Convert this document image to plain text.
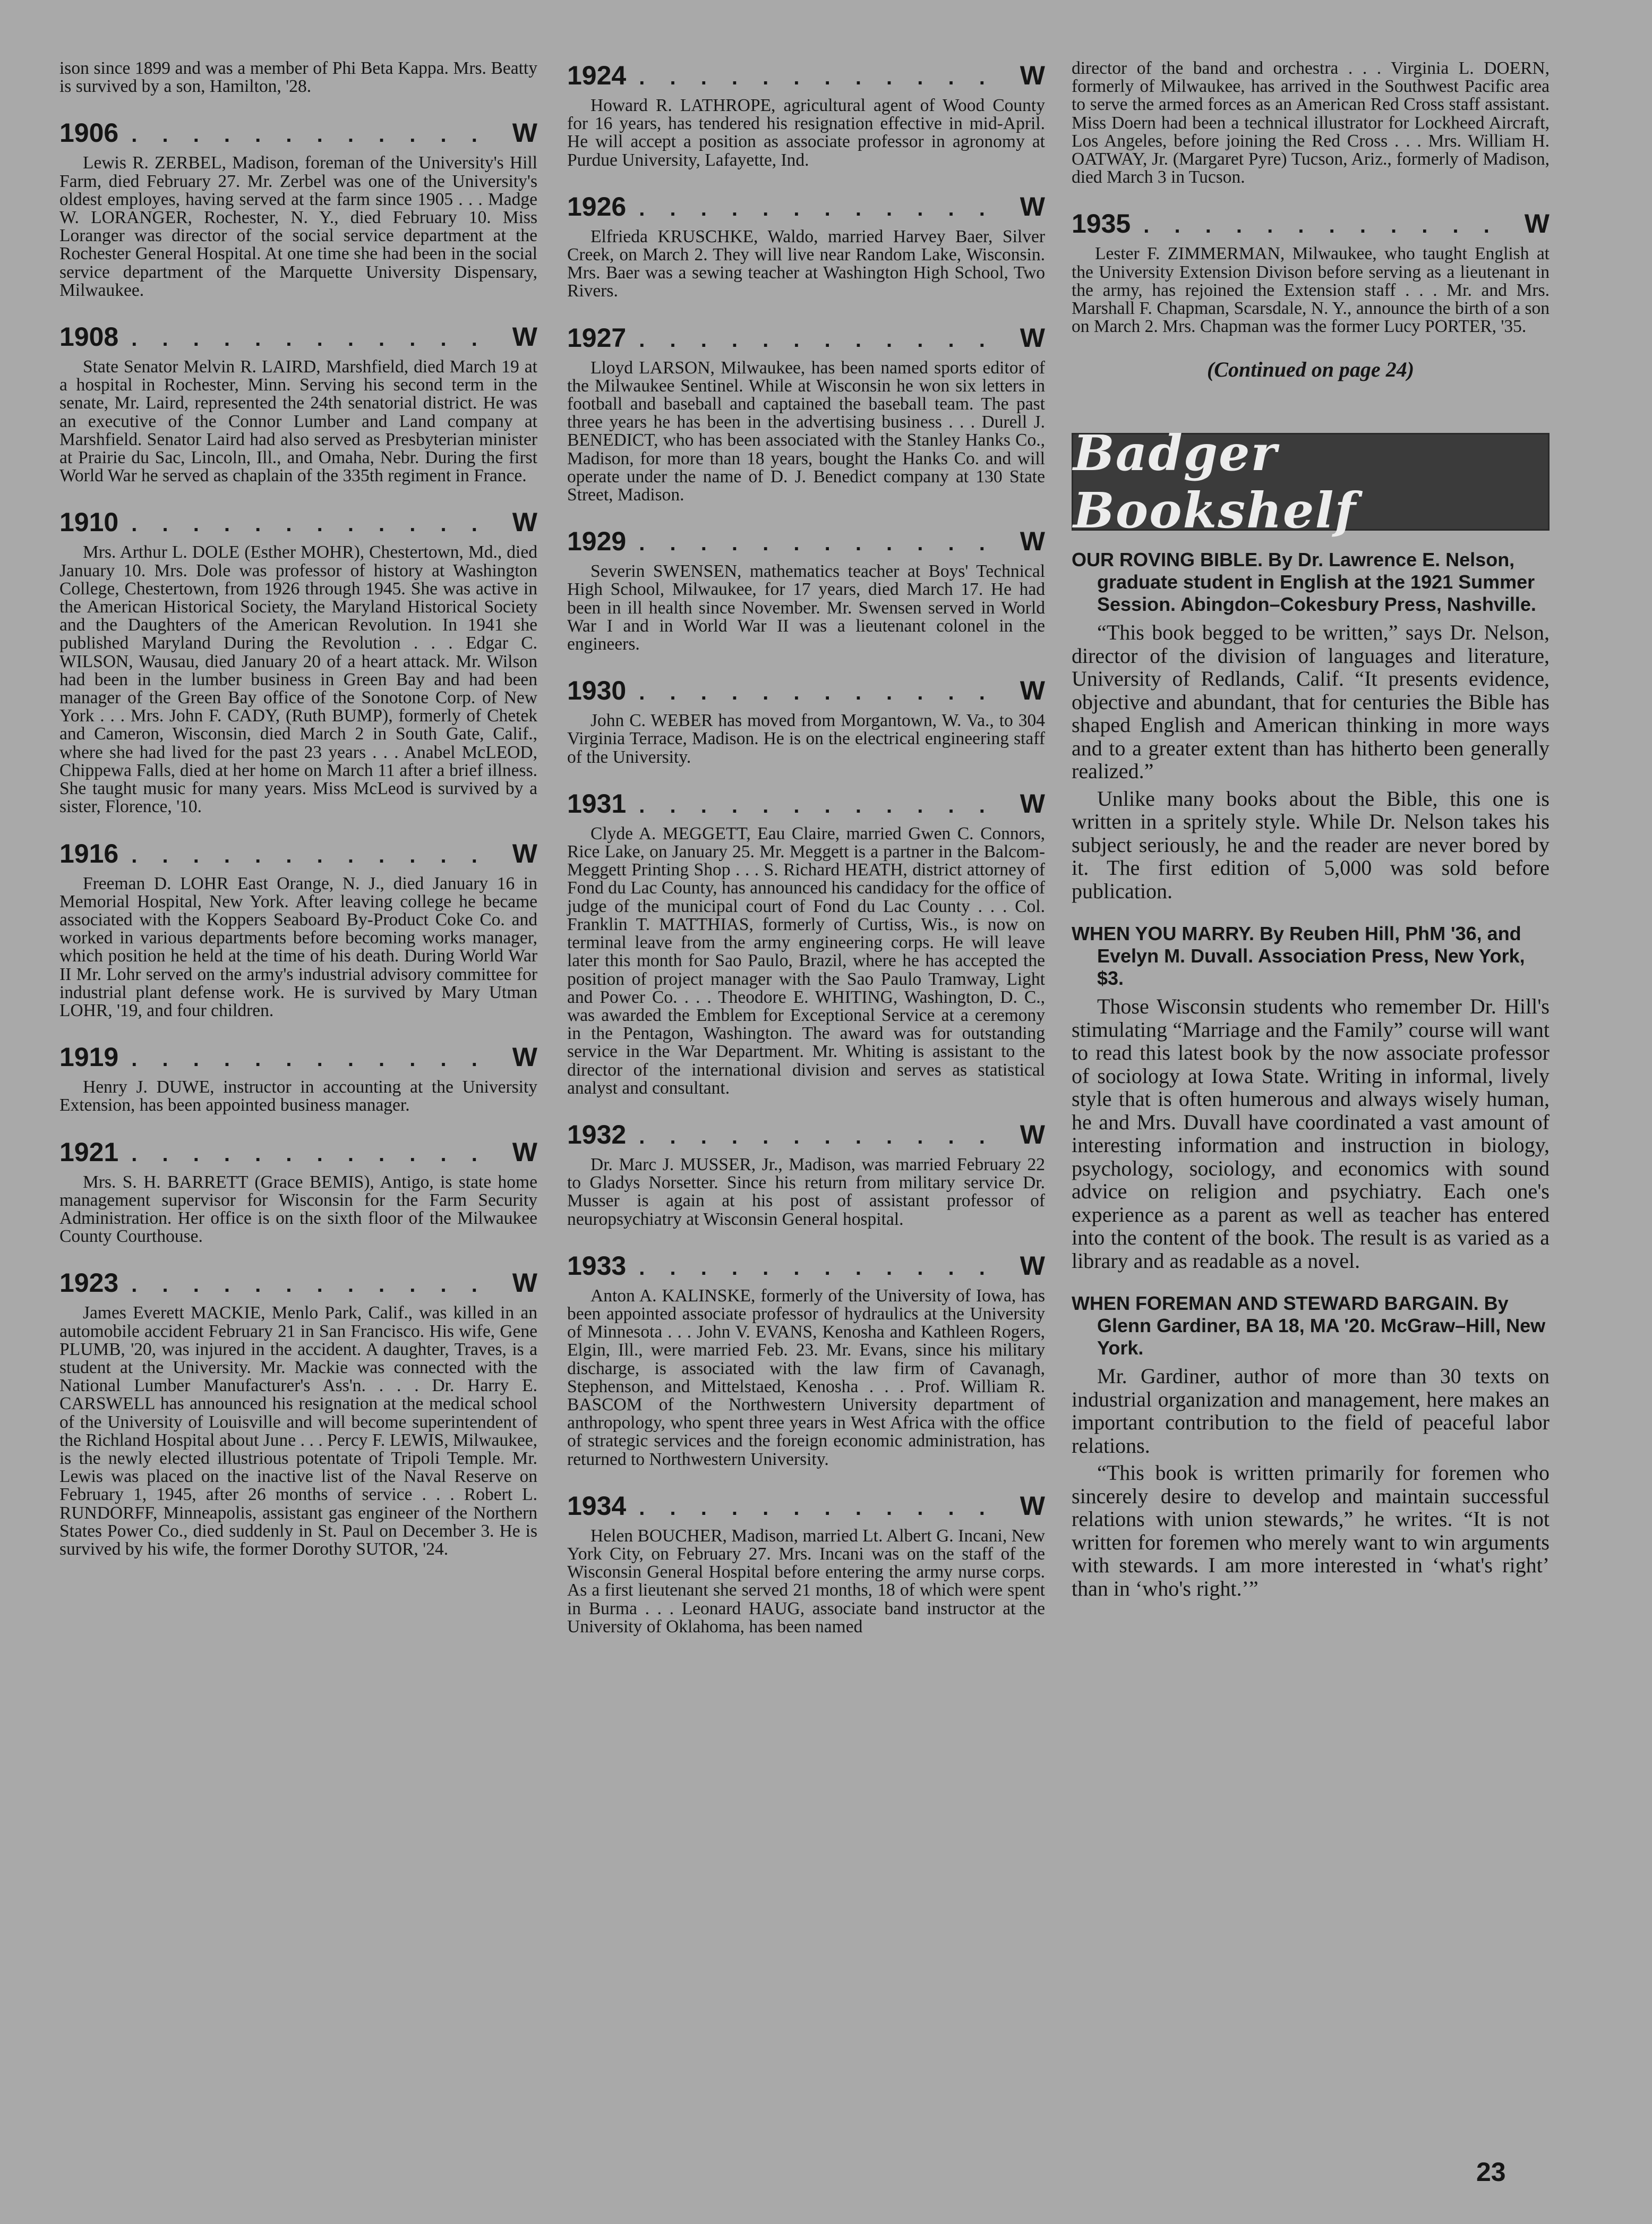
ison since 1899 and was a member of Phi Beta Kappa. Mrs. Beatty is survived by a son, Hamilton, '28.
1906 . . . . . . . . . . . . W
Lewis R. ZERBEL, Madison, foreman of the University's Hill Farm, died February 27. Mr. Zerbel was one of the University's oldest employes, having served at the farm since 1905 . . . Madge W. LORANGER, Rochester, N. Y., died February 10. Miss Loranger was director of the social service department at the Rochester General Hospital. At one time she had been in the social service department of the Marquette University Dispensary, Milwaukee.
1908 . . . . . . . . . . . . W
State Senator Melvin R. LAIRD, Marshfield, died March 19 at a hospital in Rochester, Minn. Serving his second term in the senate, Mr. Laird, represented the 24th senatorial district. He was an executive of the Connor Lumber and Land company at Marshfield. Senator Laird had also served as Presbyterian minister at Prairie du Sac, Lincoln, Ill., and Omaha, Nebr. During the first World War he served as chaplain of the 335th regiment in France.
1910 . . . . . . . . . . . . W
Mrs. Arthur L. DOLE (Esther MOHR), Chestertown, Md., died January 10. Mrs. Dole was professor of history at Washington College, Chestertown, from 1926 through 1945. She was active in the American Historical Society, the Maryland Historical Society and the Daughters of the American Revolution. In 1941 she published Maryland During the Revolution . . . Edgar C. WILSON, Wausau, died January 20 of a heart attack. Mr. Wilson had been in the lumber business in Green Bay and had been manager of the Green Bay office of the Sonotone Corp. of New York . . . Mrs. John F. CADY, (Ruth BUMP), formerly of Chetek and Cameron, Wisconsin, died March 2 in South Gate, Calif., where she had lived for the past 23 years . . . Anabel McLEOD, Chippewa Falls, died at her home on March 11 after a brief illness. She taught music for many years. Miss McLeod is survived by a sister, Florence, '10.
1916 . . . . . . . . . . . . W
Freeman D. LOHR East Orange, N. J., died January 16 in Memorial Hospital, New York. After leaving college he became associated with the Koppers Seaboard By-Product Coke Co. and worked in various departments before becoming works manager, which position he held at the time of his death. During World War II Mr. Lohr served on the army's industrial advisory committee for industrial plant defense work. He is survived by Mary Utman LOHR, '19, and four children.
1919 . . . . . . . . . . . . W
Henry J. DUWE, instructor in accounting at the University Extension, has been appointed business manager.
1921 . . . . . . . . . . . . W
Mrs. S. H. BARRETT (Grace BEMIS), Antigo, is state home management supervisor for Wisconsin for the Farm Security Administration. Her office is on the sixth floor of the Milwaukee County Courthouse.
1923 . . . . . . . . . . . . W
James Everett MACKIE, Menlo Park, Calif., was killed in an automobile accident February 21 in San Francisco. His wife, Gene PLUMB, '20, was injured in the accident. A daughter, Traves, is a student at the University. Mr. Mackie was connected with the National Lumber Manufacturer's Ass'n. . . . Dr. Harry E. CARSWELL has announced his resignation at the medical school of the University of Louisville and will become superintendent of the Richland Hospital about June . . . Percy F. LEWIS, Milwaukee, is the newly elected illustrious potentate of Tripoli Temple. Mr. Lewis was placed on the inactive list of the Naval Reserve on February 1, 1945, after 26 months of service . . . Robert L. RUNDORFF, Minneapolis, assistant gas engineer of the Northern States Power Co., died suddenly in St. Paul on December 3. He is survived by his wife, the former Dorothy SUTOR, '24.
1924 . . . . . . . . . . . . W
Howard R. LATHROPE, agricultural agent of Wood County for 16 years, has tendered his resignation effective in mid-April. He will accept a position as associate professor in agronomy at Purdue University, Lafayette, Ind.
1926 . . . . . . . . . . . . W
Elfrieda KRUSCHKE, Waldo, married Harvey Baer, Silver Creek, on March 2. They will live near Random Lake, Wisconsin. Mrs. Baer was a sewing teacher at Washington High School, Two Rivers.
1927 . . . . . . . . . . . . W
Lloyd LARSON, Milwaukee, has been named sports editor of the Milwaukee Sentinel. While at Wisconsin he won six letters in football and baseball and captained the baseball team. The past three years he has been in the advertising business . . . Durell J. BENEDICT, who has been associated with the Stanley Hanks Co., Madison, for more than 18 years, bought the Hanks Co. and will operate under the name of D. J. Benedict company at 130 State Street, Madison.
1929 . . . . . . . . . . . . W
Severin SWENSEN, mathematics teacher at Boys' Technical High School, Milwaukee, for 17 years, died March 17. He had been in ill health since November. Mr. Swensen served in World War I and in World War II was a lieutenant colonel in the engineers.
1930 . . . . . . . . . . . . W
John C. WEBER has moved from Morgantown, W. Va., to 304 Virginia Terrace, Madison. He is on the electrical engineering staff of the University.
1931 . . . . . . . . . . . . W
Clyde A. MEGGETT, Eau Claire, married Gwen C. Connors, Rice Lake, on January 25. Mr. Meggett is a partner in the Balcom-Meggett Printing Shop . . . S. Richard HEATH, district attorney of Fond du Lac County, has announced his candidacy for the office of judge of the municipal court of Fond du Lac County . . . Col. Franklin T. MATTHIAS, formerly of Curtiss, Wis., is now on terminal leave from the army engineering corps. He will leave later this month for Sao Paulo, Brazil, where he has accepted the position of project manager with the Sao Paulo Tramway, Light and Power Co. . . . Theodore E. WHITING, Washington, D. C., was awarded the Emblem for Exceptional Service at a ceremony in the Pentagon, Washington. The award was for outstanding service in the War Department. Mr. Whiting is assistant to the director of the international division and serves as statistical analyst and consultant.
1932 . . . . . . . . . . . . W
Dr. Marc J. MUSSER, Jr., Madison, was married February 22 to Gladys Norsetter. Since his return from military service Dr. Musser is again at his post of assistant professor of neuropsychiatry at Wisconsin General hospital.
1933 . . . . . . . . . . . . W
Anton A. KALINSKE, formerly of the University of Iowa, has been appointed associate professor of hydraulics at the University of Minnesota . . . John V. EVANS, Kenosha and Kathleen Rogers, Elgin, Ill., were married Feb. 23. Mr. Evans, since his military discharge, is associated with the law firm of Cavanagh, Stephenson, and Mittelstaed, Kenosha . . . Prof. William R. BASCOM of the Northwestern University department of anthropology, who spent three years in West Africa with the office of strategic services and the foreign economic administration, has returned to Northwestern University.
1934 . . . . . . . . . . . . W
Helen BOUCHER, Madison, married Lt. Albert G. Incani, New York City, on February 27. Mrs. Incani was on the staff of the Wisconsin General Hospital before entering the army nurse corps. As a first lieutenant she served 21 months, 18 of which were spent in Burma . . . Leonard HAUG, associate band instructor at the University of Oklahoma, has been named
director of the band and orchestra . . . Virginia L. DOERN, formerly of Milwaukee, has arrived in the Southwest Pacific area to serve the armed forces as an American Red Cross staff assistant. Miss Doern had been a technical illustrator for Lockheed Aircraft, Los Angeles, before joining the Red Cross . . . Mrs. William H. OATWAY, Jr. (Margaret Pyre) Tucson, Ariz., formerly of Madison, died March 3 in Tucson.
1935 . . . . . . . . . . . . W
Lester F. ZIMMERMAN, Milwaukee, who taught English at the University Extension Divison before serving as a lieutenant in the army, has rejoined the Extension staff . . . Mr. and Mrs. Marshall F. Chapman, Scarsdale, N. Y., announce the birth of a son on March 2. Mrs. Chapman was the former Lucy PORTER, '35.
(Continued on page 24)
Badger Bookshelf
OUR ROVING BIBLE. By Dr. Lawrence E. Nelson, graduate student in English at the 1921 Summer Session. Abingdon–Cokesbury Press, Nashville.
“This book begged to be written,” says Dr. Nelson, director of the division of languages and literature, University of Redlands, Calif. “It presents evidence, objective and abundant, that for centuries the Bible has shaped English and American thinking in more ways and to a greater extent than has hitherto been generally realized.”
Unlike many books about the Bible, this one is written in a spritely style. While Dr. Nelson takes his subject seriously, he and the reader are never bored by it. The first edition of 5,000 was sold before publication.
WHEN YOU MARRY. By Reuben Hill, PhM '36, and Evelyn M. Duvall. Association Press, New York, $3.
Those Wisconsin students who remember Dr. Hill's stimulating “Marriage and the Family” course will want to read this latest book by the now associate professor of sociology at Iowa State. Writing in informal, lively style that is often humerous and always wisely human, he and Mrs. Duvall have coordinated a vast amount of interesting information and instruction in biology, psychology, sociology, and economics with sound advice on religion and psychiatry. Each one's experience as a parent as well as teacher has entered into the content of the book. The result is as varied as a library and as readable as a novel.
WHEN FOREMAN AND STEWARD BARGAIN. By Glenn Gardiner, BA 18, MA '20. McGraw–Hill, New York.
Mr. Gardiner, author of more than 30 texts on industrial organization and management, here makes an important contribution to the field of peaceful labor relations.
“This book is written primarily for foremen who sincerely desire to develop and maintain successful relations with union stewards,” he writes. “It is not written for foremen who merely want to win arguments with stewards. I am more interested in ‘what's right’ than in ‘who's right.’”
23
